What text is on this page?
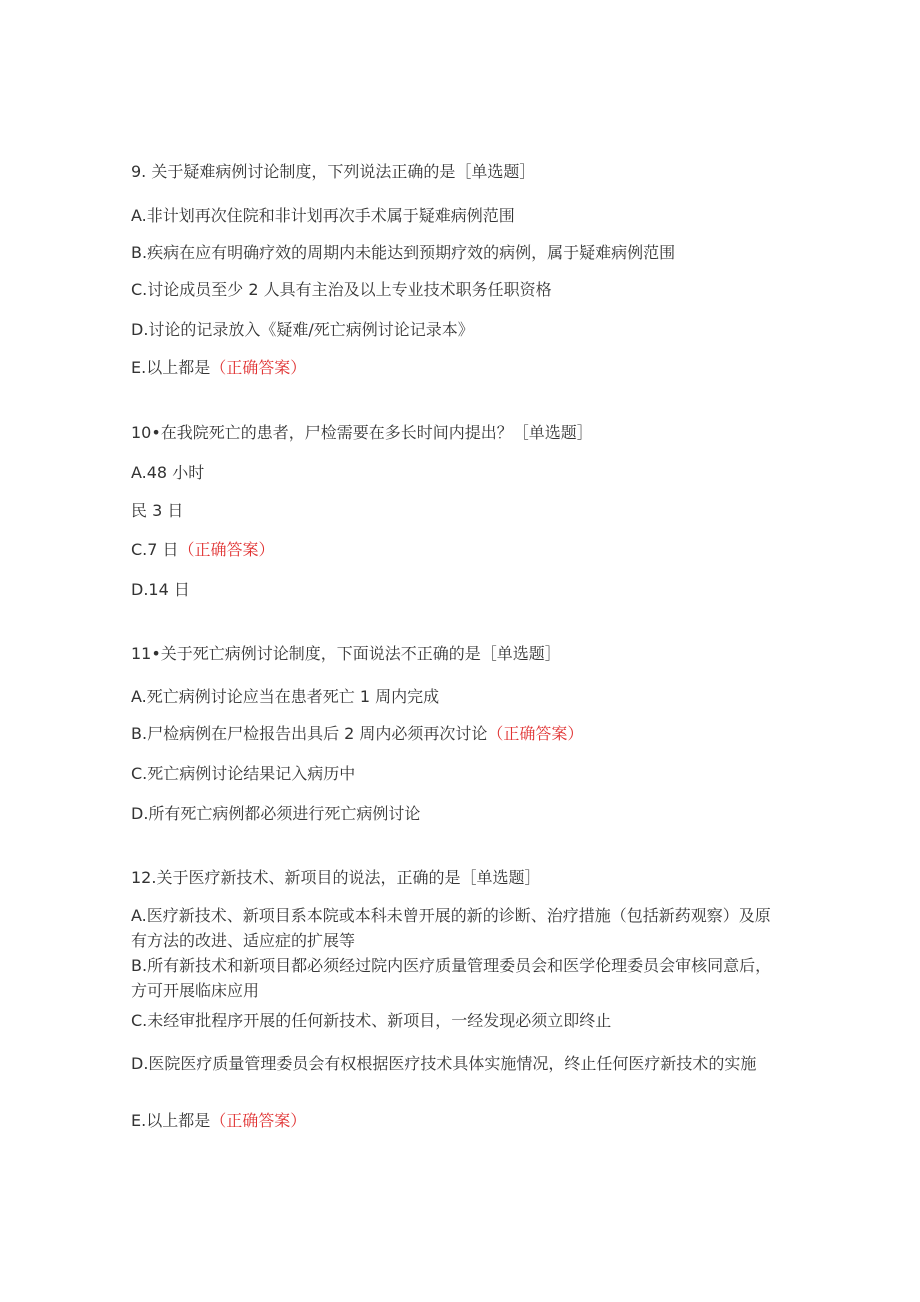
9. 关于疑难病例讨论制度，下列说法正确的是［单选题］
A.非计划再次住院和非计划再次手术属于疑难病例范围
B.疾病在应有明确疗效的周期内未能达到预期疗效的病例，属于疑难病例范围
C.讨论成员至少 2 人具有主治及以上专业技术职务任职资格
D.讨论的记录放入《疑难/死亡病例讨论记录本》
E.以上都是（正确答案）
10•在我院死亡的患者，尸检需要在多长时间内提出？［单选题］
A.48 小时
民 3 日
C.7 日（正确答案）
D.14 日
11•关于死亡病例讨论制度，下面说法不正确的是［单选题］
A.死亡病例讨论应当在患者死亡 1 周内完成
B.尸检病例在尸检报告出具后 2 周内必须再次讨论（正确答案）
C.死亡病例讨论结果记入病历中
D.所有死亡病例都必须进行死亡病例讨论
12.关于医疗新技术、新项目的说法，正确的是［单选题］
A.医疗新技术、新项目系本院或本科未曾开展的新的诊断、治疗措施（包括新药观察）及原有方法的改进、适应症的扩展等
B.所有新技术和新项目都必须经过院内医疗质量管理委员会和医学伦理委员会审核同意后，方可开展临床应用
C.未经审批程序开展的任何新技术、新项目，一经发现必须立即终止
D.医院医疗质量管理委员会有权根据医疗技术具体实施情况，终止任何医疗新技术的实施
E.以上都是（正确答案）
